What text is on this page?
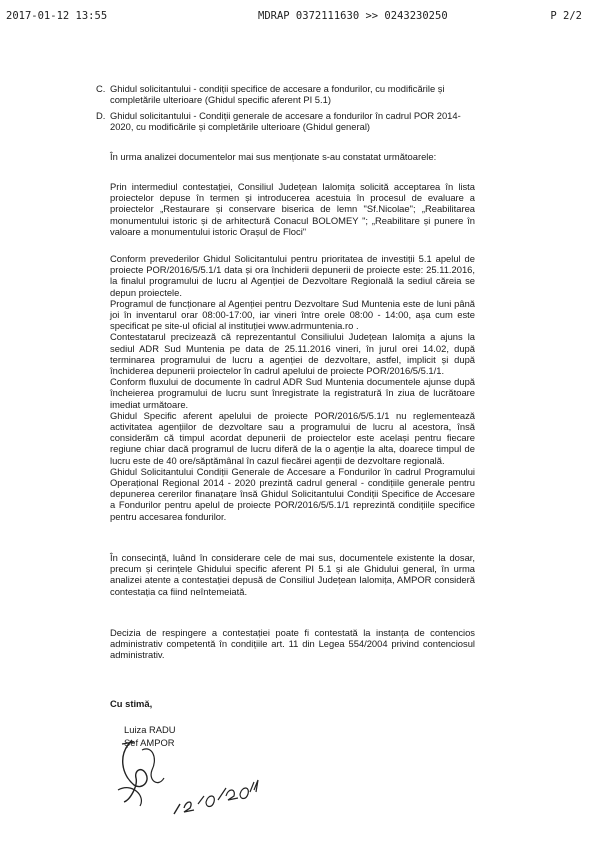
2017-01-12 13:55	MDRAP 0372111630 >> 0243230250	P 2/2
C. Ghidul solicitantului - condiții specifice de accesare a fondurilor, cu modificările și completările ulterioare (Ghidul specific aferent PI 5.1)
D. Ghidul solicitantului - Condiții generale de accesare a fondurilor în cadrul POR 2014-2020, cu modificările și completările ulterioare (Ghidul general)
În urma analizei documentelor mai sus menționate s-au constatat următoarele:
Prin intermediul contestației, Consiliul Județean Ialomița solicită acceptarea în lista proiectelor depuse în termen și introducerea acestuia în procesul de evaluare a proiectelor „Restaurare și conservare biserica de lemn "Sf.Nicolae"; „Reabilitarea monumentului istoric și de arhitectură Conacul BOLOMEY "; „Reabilitare și punere în valoare a monumentului istoric Orașul de Floci"

Conform prevederilor Ghidul Solicitantului pentru prioritatea de investiții 5.1 apelul de proiecte POR/2016/5/5.1/1 data și ora închiderii depunerii de proiecte este: 25.11.2016, la finalul programului de lucru al Agenției de Dezvoltare Regională la sediul căreia se depun proiectele.

Programul de funcționare al Agenției pentru Dezvoltare Sud Muntenia este de luni până joi în inventarul orar 08:00-17:00, iar vineri între orele 08:00 - 14:00, așa cum este specificat pe site-ul oficial al instituției www.adrmuntenia.ro .

Contestatarul precizează că reprezentantul Consiliului Județean Ialomița a ajuns la sediul ADR Sud Muntenia pe data de 25.11.2016 vineri, în jurul orei 14.02, după terminarea programului de lucru a agenției de dezvoltare, astfel, implicit și după închiderea depunerii proiectelor în cadrul apelului de proiecte POR/2016/5/5.1/1.

Conform fluxului de documente în cadrul ADR Sud Muntenia documentele ajunse după încheierea programului de lucru sunt înregistrate la registratură în ziua de lucrătoare imediat următoare.

Ghidul Specific aferent apelului de proiecte POR/2016/5/5.1/1 nu reglementează activitatea agențiilor de dezvoltare sau a programului de lucru al acestora, însă considerăm că timpul acordat depunerii de proiectelor este același pentru fiecare regiune chiar dacă programul de lucru diferă de la o agenție la alta, doarece timpul de lucru este de 40 ore/săptămânal în cazul fiecărei agenții de dezvoltare regională.

Ghidul Solicitantului Condiții Generale de Accesare a Fondurilor în cadrul Programului Operațional Regional 2014 - 2020 prezintă cadrul general - condițiile generale pentru depunerea cererilor finanațare însă Ghidul Solicitantului Condiții Specifice de Accesare a Fondurilor pentru apelul de proiecte POR/2016/5/5.1/1 reprezintă condițiile specifice pentru accesarea fondurilor.

În consecință, luând în considerare cele de mai sus, documentele existente la dosar, precum și cerințele Ghidului specific aferent PI 5.1 și ale Ghidului general, în urma analizei atente a contestației depusă de Consiliul Județean Ialomița, AMPOR consideră contestația ca fiind neîntemeiată.
Decizia de respingere a contestației poate fi contestată la instanța de contencios administrativ competentă în condițiile art. 11 din Legea 554/2004 privind contenciosul administrativ.
Cu stimă,
Luiza RADU
Șef AMPOR
